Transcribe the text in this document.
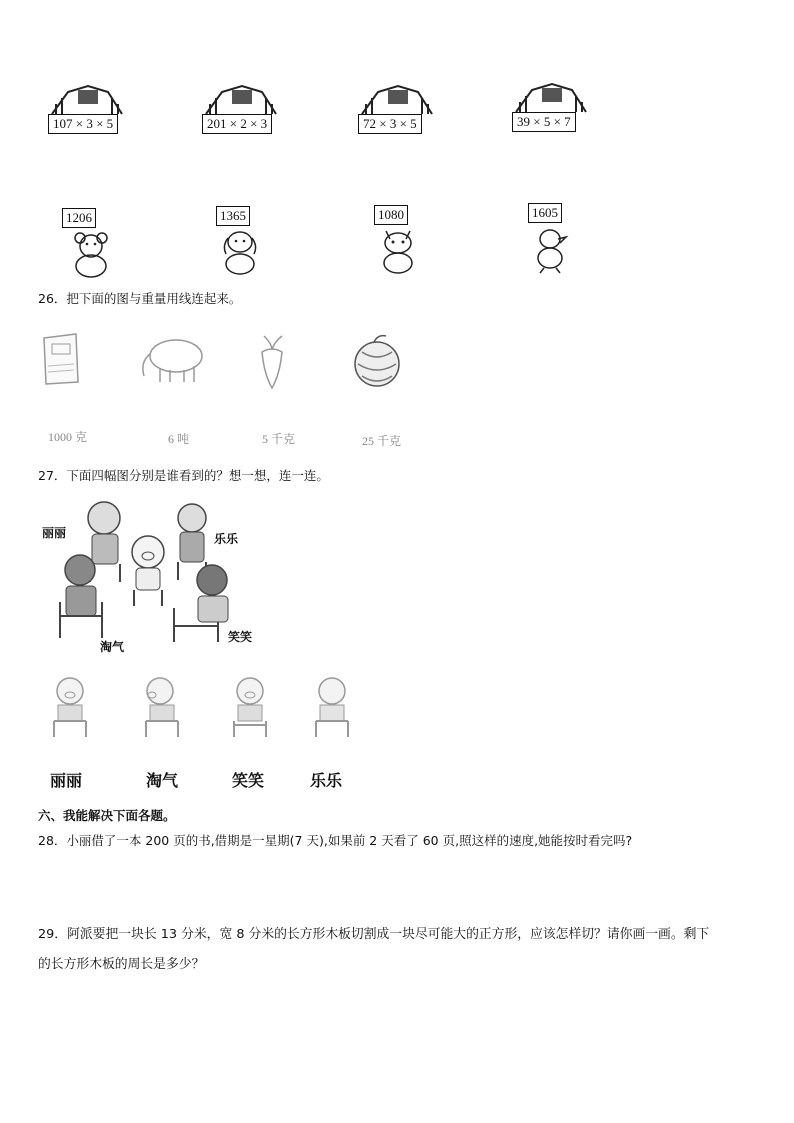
107 × 3 × 5	201 × 2 × 3	72 × 3 × 5	39 × 5 × 7
1206	1365	1080	1605
26．把下面的图与重量用线连起来。
1000 克	6 吨	5 千克	25 千克
27．下面四幅图分别是谁看到的？想一想，连一连。
丽丽	乐乐
淘气
笑笑
丽丽	淘气	笑笑	乐乐
六、我能解决下面各题。
28．小丽借了一本 200 页的书,借期是一星期(7 天),如果前 2 天看了 60 页,照这样的速度,她能按时看完吗?
29．阿派要把一块长 13 分米，宽 8 分米的长方形木板切割成一块尽可能大的正方形，应该怎样切？请你画一画。剩下
的长方形木板的周长是多少？
